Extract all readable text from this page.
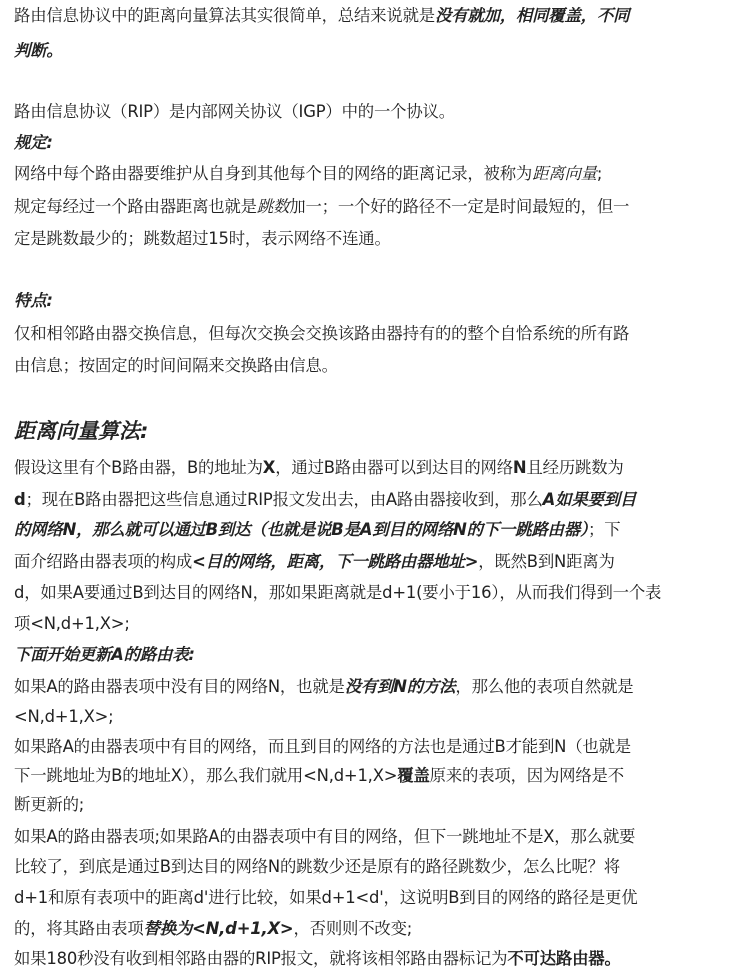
路由信息协议中的距离向量算法其实很简单，总结来说就是没有就加，相同覆盖，不同

判断。

路由信息协议（RIP）是内部网关协议（IGP）中的一个协议。

规定:

网络中每个路由器要维护从自身到其他每个目的网络的距离记录，被称为距离向量;

规定每经过一个路由器距离也就是跳数加一；一个好的路径不一定是时间最短的，但一

定是跳数最少的；跳数超过15时，表示网络不连通。

特点:

仅和相邻路由器交换信息，但每次交换会交换该路由器持有的的整个自恰系统的所有路

由信息；按固定的时间间隔来交换路由信息。

距离向量算法:

假设这里有个B路由器，B的地址为X，通过B路由器可以到达目的网络N且经历跳数为

d；现在B路由器把这些信息通过RIP报文发出去，由A路由器接收到，那么A如果要到目

的网络N，那么就可以通过B到达（也就是说B是A到目的网络N的下一跳路由器）；下

面介绍路由器表项的构成<目的网络，距离，下一跳路由器地址>，既然B到N距离为

d，如果A要通过B到达目的网络N，那如果距离就是d+1(要小于16），从而我们得到一个表

项<N,d+1,X>;

下面开始更新A的路由表:

如果A的路由器表项中没有目的网络N，也就是没有到N的方法，那么他的表项自然就是

<N,d+1,X>;

如果路A的由器表项中有目的网络，而且到目的网络的方法也是通过B才能到N（也就是

下一跳地址为B的地址X），那么我们就用<N,d+1,X>覆盖原来的表项，因为网络是不

断更新的;

如果A的路由器表项;如果路A的由器表项中有目的网络，但下一跳地址不是X，那么就要

比较了，到底是通过B到达目的网络N的跳数少还是原有的路径跳数少，怎么比呢？将

d+1和原有表项中的距离d'进行比较，如果d+1<d'，这说明B到目的网络的路径是更优

的，将其路由表项替换为<N,d+1,X>，否则则不改变;

如果180秒没有收到相邻路由器的RIP报文，就将该相邻路由器标记为不可达路由器。
